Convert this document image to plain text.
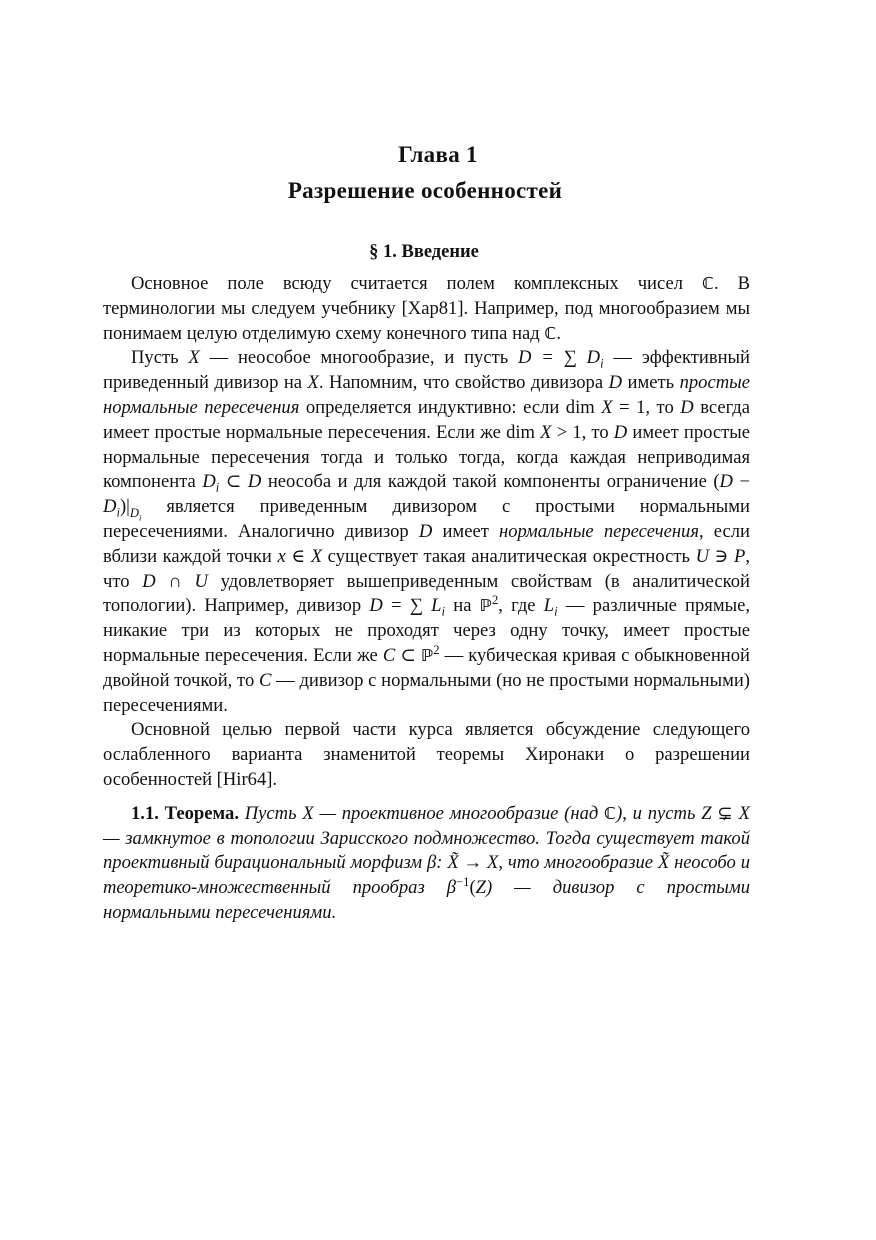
Глава 1
Разрешение особенностей
§ 1. Введение

Основное поле всюду считается полем комплексных чисел ℂ. В терминологии мы следуем учебнику [Хар81]. Например, под многообразием мы понимаем целую отделимую схему конечного типа над ℂ.

Пусть X — неособое многообразие, и пусть D = ∑ $D_i$ — эффективный приведенный дивизор на X. Напомним, что свойство дивизора D иметь простые нормальные пересечения определяется индуктивно: если dim X = 1, то D всегда имеет простые нормальные пересечения. Если же dim X > 1, то D имеет простые нормальные пересечения тогда и только тогда, когда каждая неприводимая компонента $D_i$ ⊂ D неособа и для каждой такой компоненты ограничение $(D - D_i)|_{D_i}$ является приведенным дивизором с простыми нормальными пересечениями. Аналогично дивизор D имеет нормальные пересечения, если вблизи каждой точки x ∈ X существует такая аналитическая окрестность U ∋ P, что D ∩ U удовлетворяет вышеприведенным свойствам (в аналитической топологии). Например, дивизор D = ∑ $L_i$ на ℙ$^2$, где $L_i$ — различные прямые, никакие три из которых не проходят через одну точку, имеет простые нормальные пересечения. Если же C ⊂ ℙ$^2$ — кубическая кривая с обыкновенной двойной точкой, то C — дивизор с нормальными (но не простыми нормальными) пересечениями.

Основной целью первой части курса является обсуждение следующего ослабленного варианта знаменитой теоремы Хиронаки о разрешении особенностей [Hir64].

1.1. Теорема. Пусть X — проективное многообразие (над ℂ), и пусть Z ⊊ X — замкнутое в топологии Зарисского подмножество. Тогда существует такой проективный бирациональный морфизм β: X̃ → X, что многообразие X̃ неособо и теоретико-множественный прообраз $\beta^{-1}(Z)$ — дивизор с простыми нормальными пересечениями.
